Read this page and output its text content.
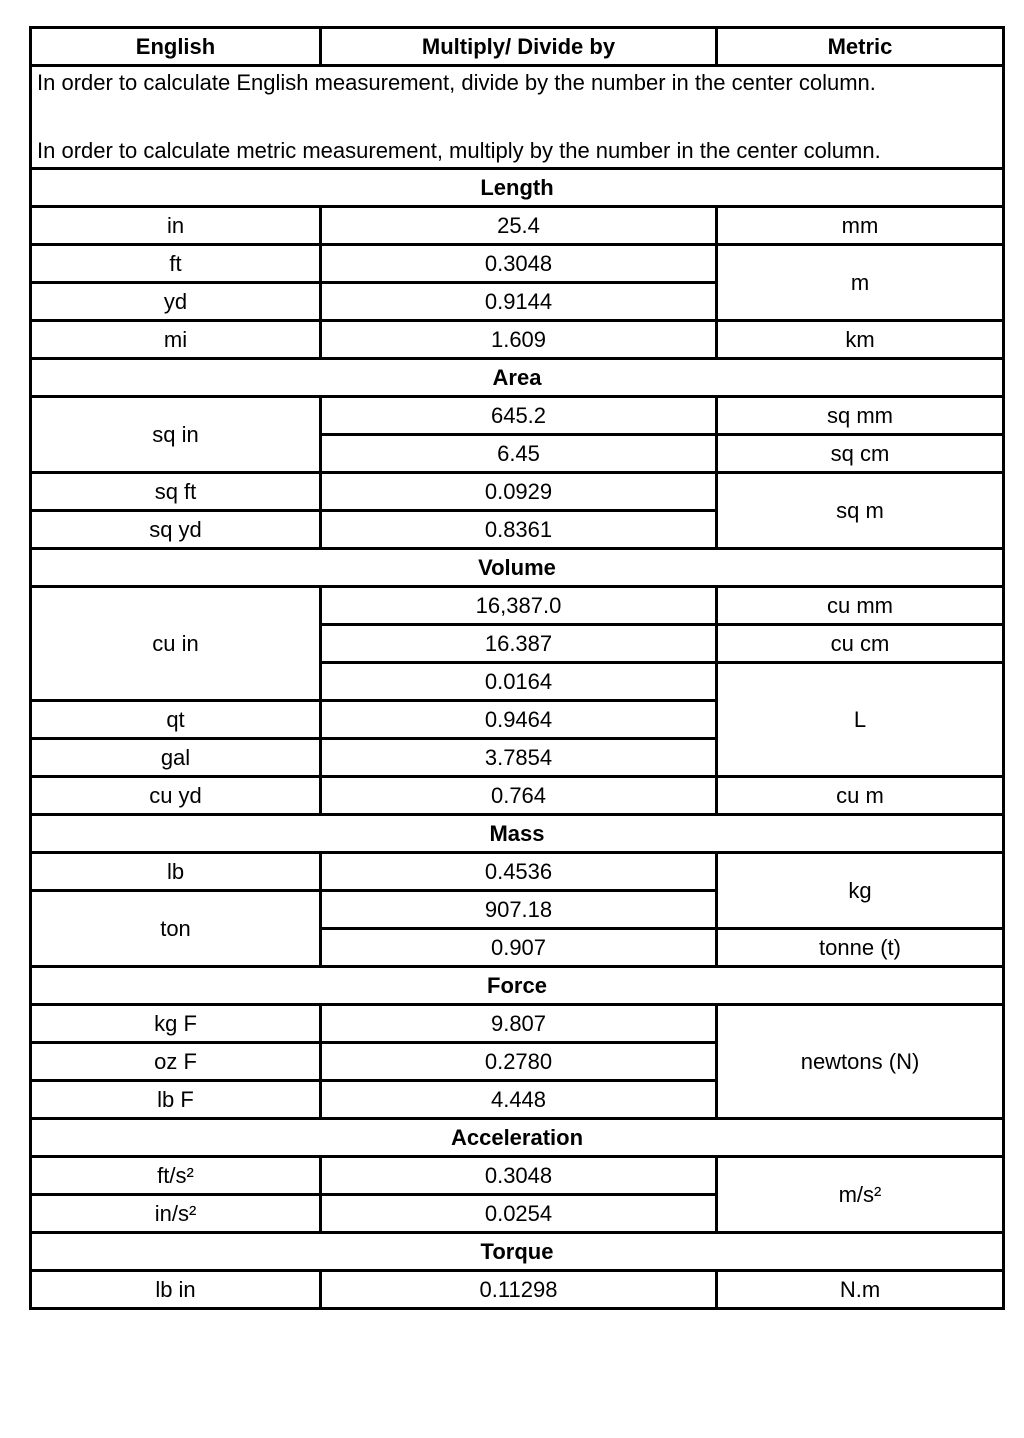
English	Multiply/ Divide by	Metric

In order to calculate English measurement, divide by the number in the center column.
In order to calculate metric measurement, multiply by the number in the center column.		

Length		
in	25.4	mm
ft	0.3048	m
yd	0.9144	
mi	1.609	km
Area		
sq in	645.2	sq mm
	6.45	sq cm
sq ft	0.0929	sq m
sq yd	0.8361	
Volume		
cu in	16,387.0	cu mm
	16.387	cu cm
	0.0164	L
qt	0.9464	
gal	3.7854	
cu yd	0.764	cu m
Mass		
lb	0.4536	kg
ton	907.18	
	0.907	tonne (t)
Force		
kg F	9.807	newtons (N)
oz F	0.2780	
lb F	4.448	
Acceleration		
ft/s²	0.3048	m/s²
in/s²	0.0254	
Torque		
lb in	0.11298	N.m
